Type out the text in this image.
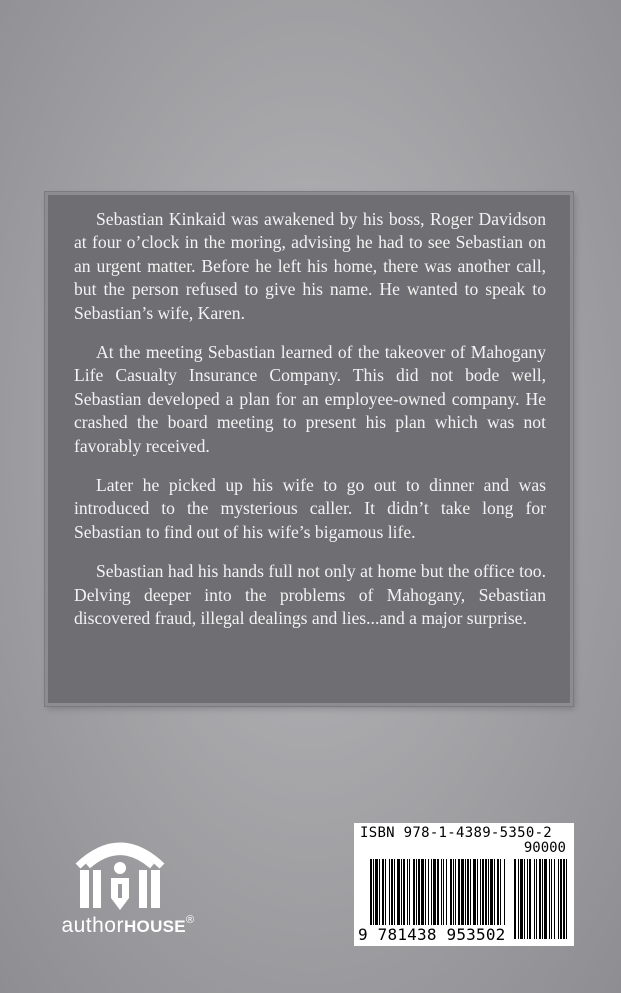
Sebastian Kinkaid was awakened by his boss, Roger Davidson at four o’clock in the moring, advising he had to see Sebastian on an urgent matter. Before he left his home, there was another call, but the person refused to give his name. He wanted to speak to Sebastian’s wife, Karen.

At the meeting Sebastian learned of the takeover of Mahogany Life Casualty Insurance Company. This did not bode well, Sebastian developed a plan for an employee-owned company. He crashed the board meeting to present his plan which was not favorably received.

Later he picked up his wife to go out to dinner and was introduced to the mysterious caller. It didn’t take long for Sebastian to find out of his wife’s bigamous life.

Sebastian had his hands full not only at home but the office too. Delving deeper into the problems of Mahogany, Sebastian discovered fraud, illegal dealings and lies...and a major surprise.

authorHOUSE®
ISBN 978-1-4389-5350-2
90000
9 781438 953502
